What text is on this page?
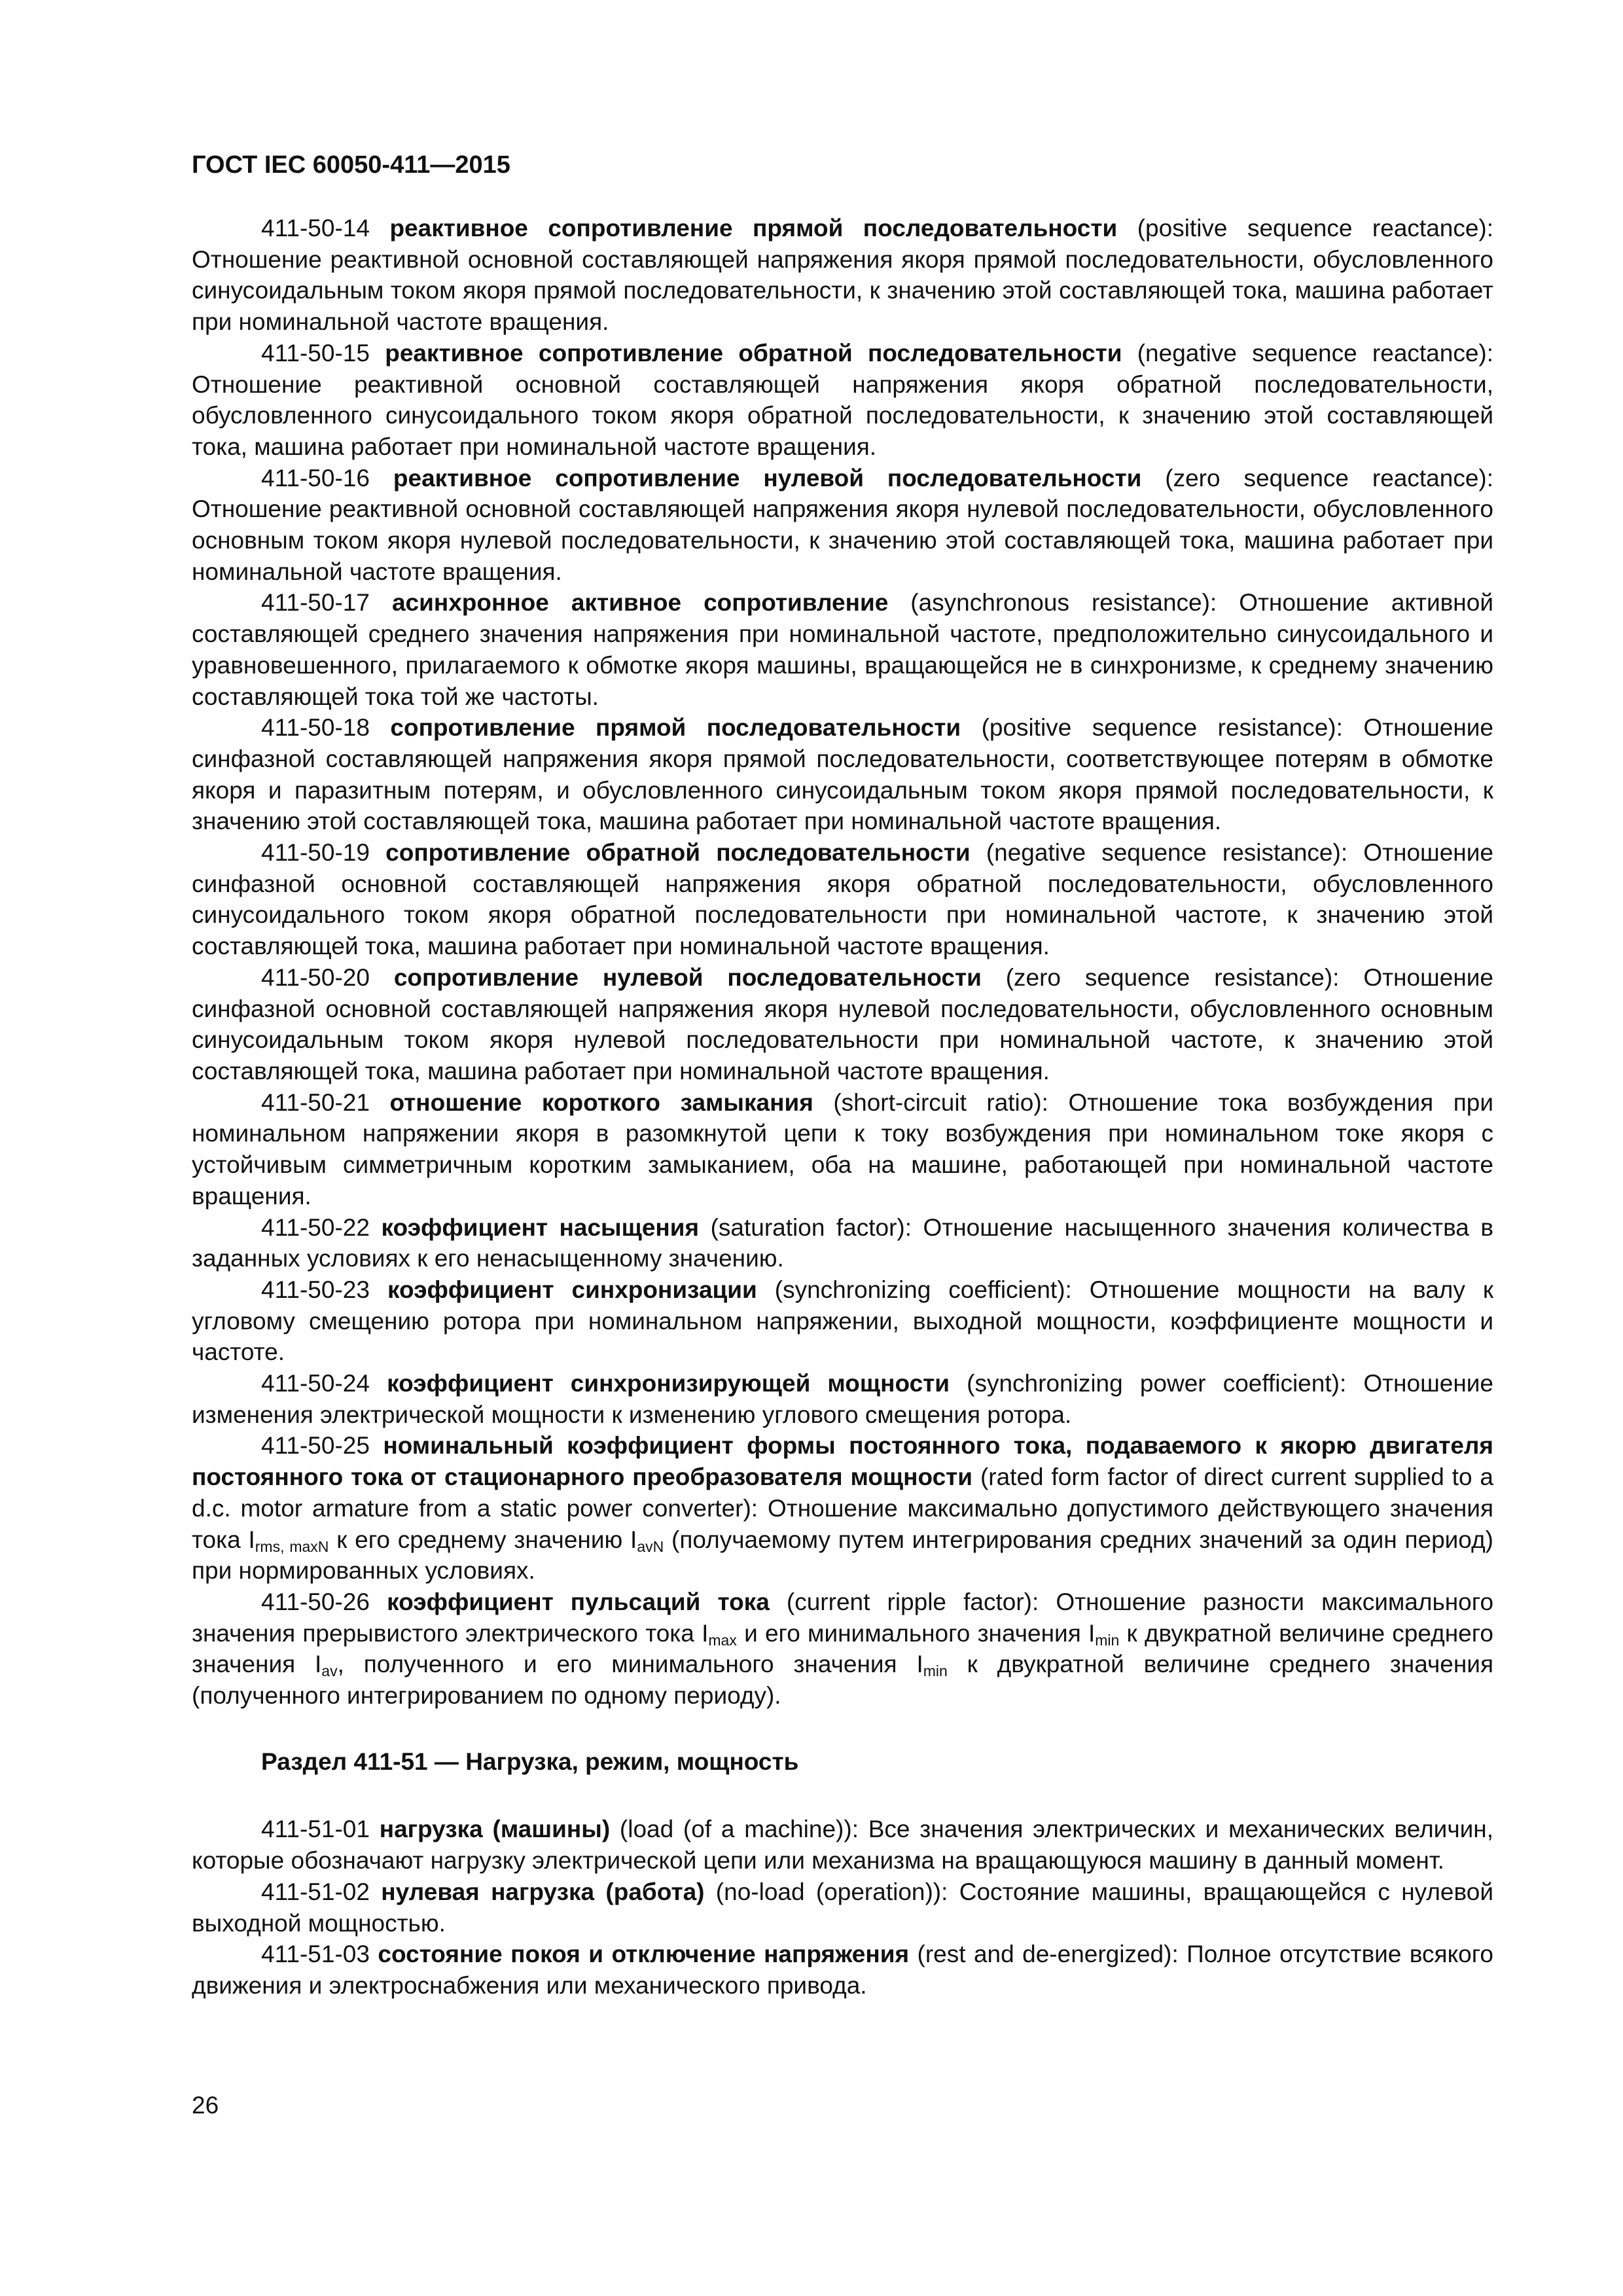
ГОСТ IEC 60050-411—2015

411-50-14 реактивное сопротивление прямой последовательности (positive sequence reactance): Отношение реактивной основной составляющей напряжения якоря прямой последовательности, обусловленного синусоидальным током якоря прямой последовательности, к значению этой составляющей тока, машина работает при номинальной частоте вращения.

411-50-15 реактивное сопротивление обратной последовательности (negative sequence reactance): Отношение реактивной основной составляющей напряжения якоря обратной последовательности, обусловленного синусоидального током якоря обратной последовательности, к значению этой составляющей тока, машина работает при номинальной частоте вращения.

411-50-16 реактивное сопротивление нулевой последовательности (zero sequence reactance): Отношение реактивной основной составляющей напряжения якоря нулевой последовательности, обусловленного основным током якоря нулевой последовательности, к значению этой составляющей тока, машина работает при номинальной частоте вращения.

411-50-17 асинхронное активное сопротивление (asynchronous resistance): Отношение активной составляющей среднего значения напряжения при номинальной частоте, предположительно синусоидального и уравновешенного, прилагаемого к обмотке якоря машины, вращающейся не в синхронизме, к среднему значению составляющей тока той же частоты.

411-50-18 сопротивление прямой последовательности (positive sequence resistance): Отношение синфазной составляющей напряжения якоря прямой последовательности, соответствующее потерям в обмотке якоря и паразитным потерям, и обусловленного синусоидальным током якоря прямой последовательности, к значению этой составляющей тока, машина работает при номинальной частоте вращения.

411-50-19 сопротивление обратной последовательности (negative sequence resistance): Отношение синфазной основной составляющей напряжения якоря обратной последовательности, обусловленного синусоидального током якоря обратной последовательности при номинальной частоте, к значению этой составляющей тока, машина работает при номинальной частоте вращения.

411-50-20 сопротивление нулевой последовательности (zero sequence resistance): Отношение синфазной основной составляющей напряжения якоря нулевой последовательности, обусловленного основным синусоидальным током якоря нулевой последовательности при номинальной частоте, к значению этой составляющей тока, машина работает при номинальной частоте вращения.

411-50-21 отношение короткого замыкания (short-circuit ratio): Отношение тока возбуждения при номинальном напряжении якоря в разомкнутой цепи к току возбуждения при номинальном токе якоря с устойчивым симметричным коротким замыканием, оба на машине, работающей при номинальной частоте вращения.

411-50-22 коэффициент насыщения (saturation factor): Отношение насыщенного значения количества в заданных условиях к его ненасыщенному значению.

411-50-23 коэффициент синхронизации (synchronizing coefficient): Отношение мощности на валу к угловому смещению ротора при номинальном напряжении, выходной мощности, коэффициенте мощности и частоте.

411-50-24 коэффициент синхронизирующей мощности (synchronizing power coefficient): Отношение изменения электрической мощности к изменению углового смещения ротора.

411-50-25 номинальный коэффициент формы постоянного тока, подаваемого к якорю двигателя постоянного тока от стационарного преобразователя мощности (rated form factor of direct current supplied to a d.c. motor armature from a static power converter): Отношение максимально допустимого действующего значения тока $I_{rms, maxN}$ к его среднему значению $I_{avN}$ (получаемому путем интегрирования средних значений за один период) при нормированных условиях.

411-50-26 коэффициент пульсаций тока (current ripple factor): Отношение разности максимального значения прерывистого электрического тока $I_{max}$ и его минимального значения $I_{min}$ к двукратной величине среднего значения $I_{av}$, полученного и его минимального значения $I_{min}$ к двукратной величине среднего значения (полученного интегрированием по одному периоду).

Раздел 411-51 — Нагрузка, режим, мощность

411-51-01 нагрузка (машины) (load (of a machine)): Все значения электрических и механических величин, которые обозначают нагрузку электрической цепи или механизма на вращающуюся машину в данный момент.

411-51-02 нулевая нагрузка (работа) (no-load (operation)): Состояние машины, вращающейся с нулевой выходной мощностью.

411-51-03 состояние покоя и отключение напряжения (rest and de-energized): Полное отсутствие всякого движения и электроснабжения или механического привода.

26
